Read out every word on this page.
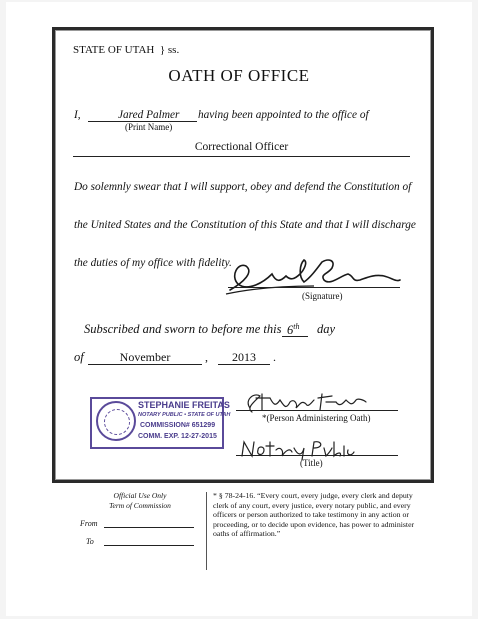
STATE OF UTAH } ss.
OATH OF OFFICE
I,	Jared Palmer having been appointed to the office of
(Print Name)
Correctional Officer
Do solemnly swear that I will support, obey and defend the Constitution of
the United States and the Constitution of this State and that I will discharge
the duties of my office with fidelity.
(Signature)
Subscribed and sworn to before me this 6th day
of	November	,	2013	.
STEPHANIE FREITAS
NOTARY PUBLIC • STATE OF UTAH
COMMISSION# 651299
COMM. EXP. 12-27-2015
*(Person Administering Oath)
(Title)
Official Use Only
Term of Commission
From
To
* § 78-24-16. “Every court, every judge, every clerk and deputy clerk of any court, every justice, every notary public, and every officers or person authorized to take testimony in any action or proceeding, or to decide upon evidence, has power to administer oaths of affirmation.”
